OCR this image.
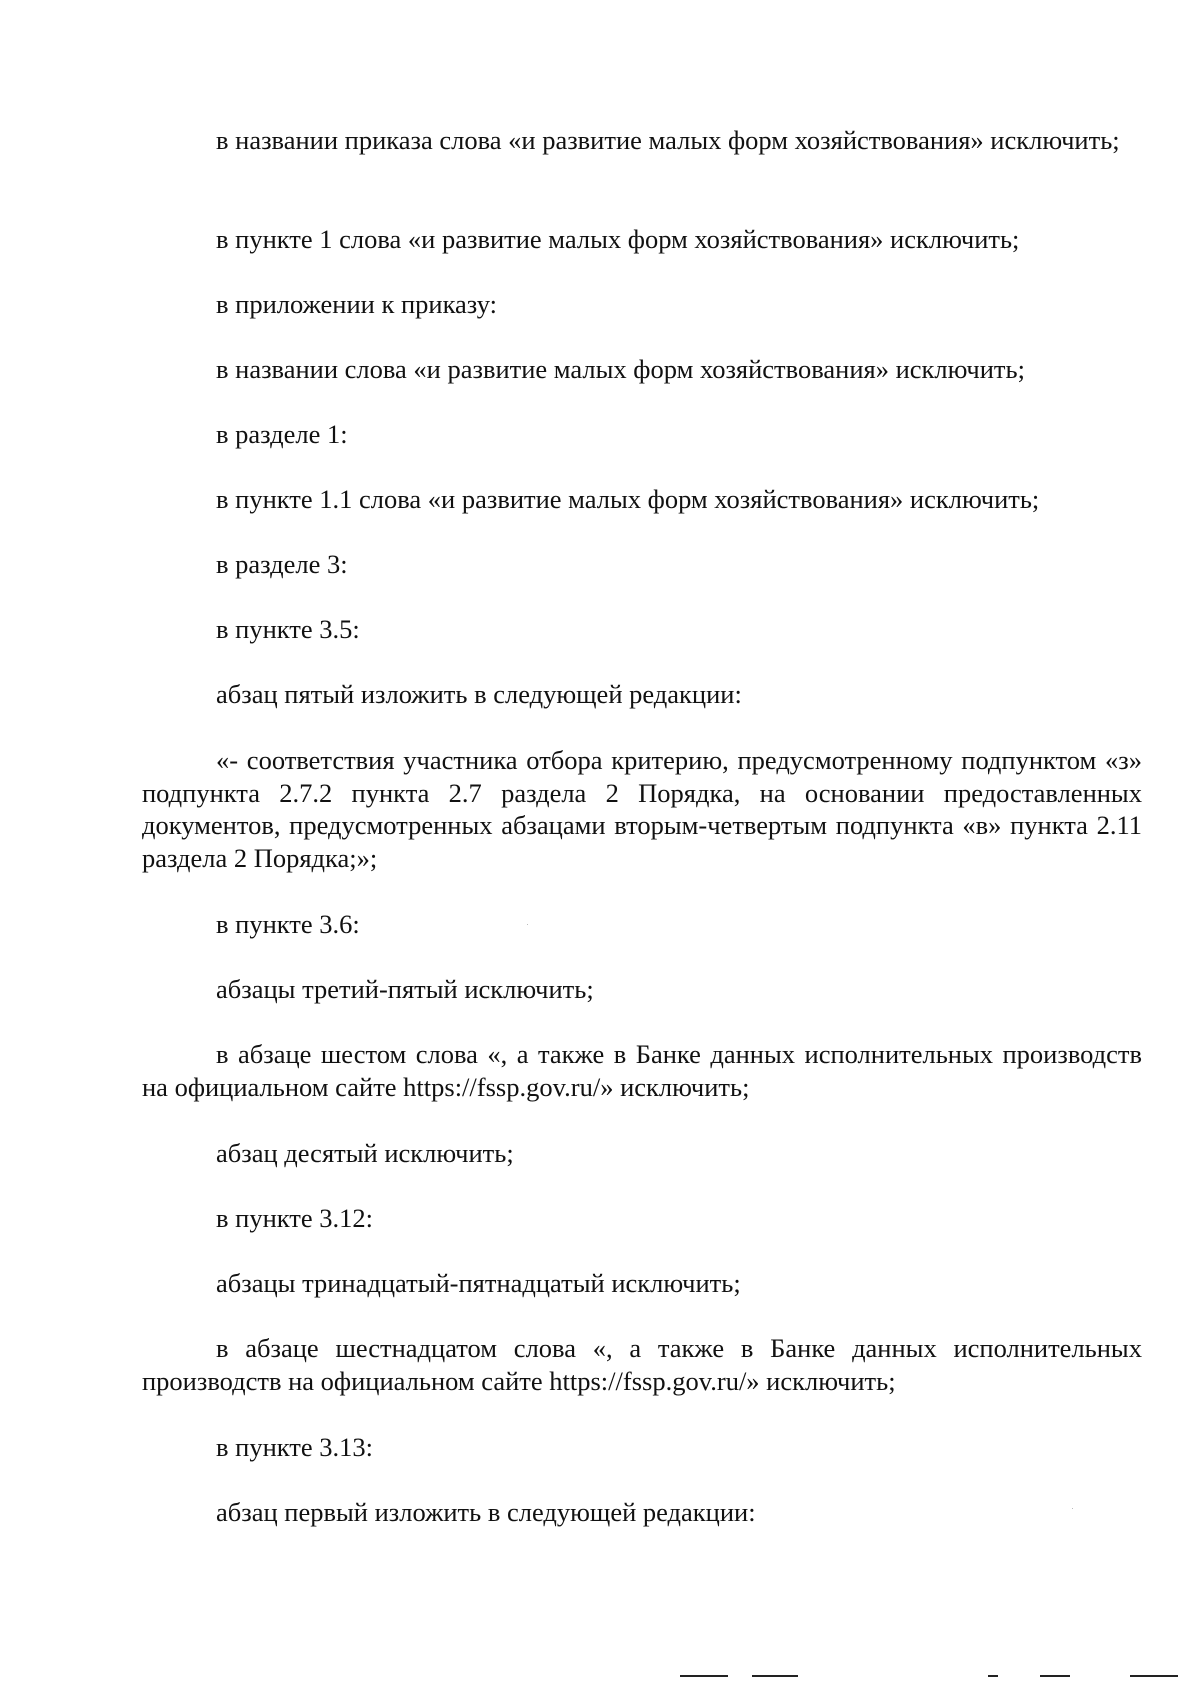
в названии приказа слова «и развитие малых форм хозяйствования» исключить;

в пункте 1 слова «и развитие малых форм хозяйствования» исключить;

в приложении к приказу:

в названии слова «и развитие малых форм хозяйствования» исключить;

в разделе 1:

в пункте 1.1 слова «и развитие малых форм хозяйствования» исключить;

в разделе 3:

в пункте 3.5:

абзац пятый изложить в следующей редакции:

«- соответствия участника отбора критерию, предусмотренному подпунктом «з» подпункта 2.7.2 пункта 2.7 раздела 2 Порядка, на основании предоставленных документов, предусмотренных абзацами вторым-четвертым подпункта «в» пункта 2.11 раздела 2 Порядка;»;

в пункте 3.6:

абзацы третий-пятый исключить;

в абзаце шестом слова «, а также в Банке данных исполнительных производств на официальном сайте https://fssp.gov.ru/» исключить;

абзац десятый исключить;

в пункте 3.12:

абзацы тринадцатый-пятнадцатый исключить;

в абзаце шестнадцатом слова «, а также в Банке данных исполнительных производств на официальном сайте https://fssp.gov.ru/» исключить;

в пункте 3.13:

абзац первый изложить в следующей редакции:
